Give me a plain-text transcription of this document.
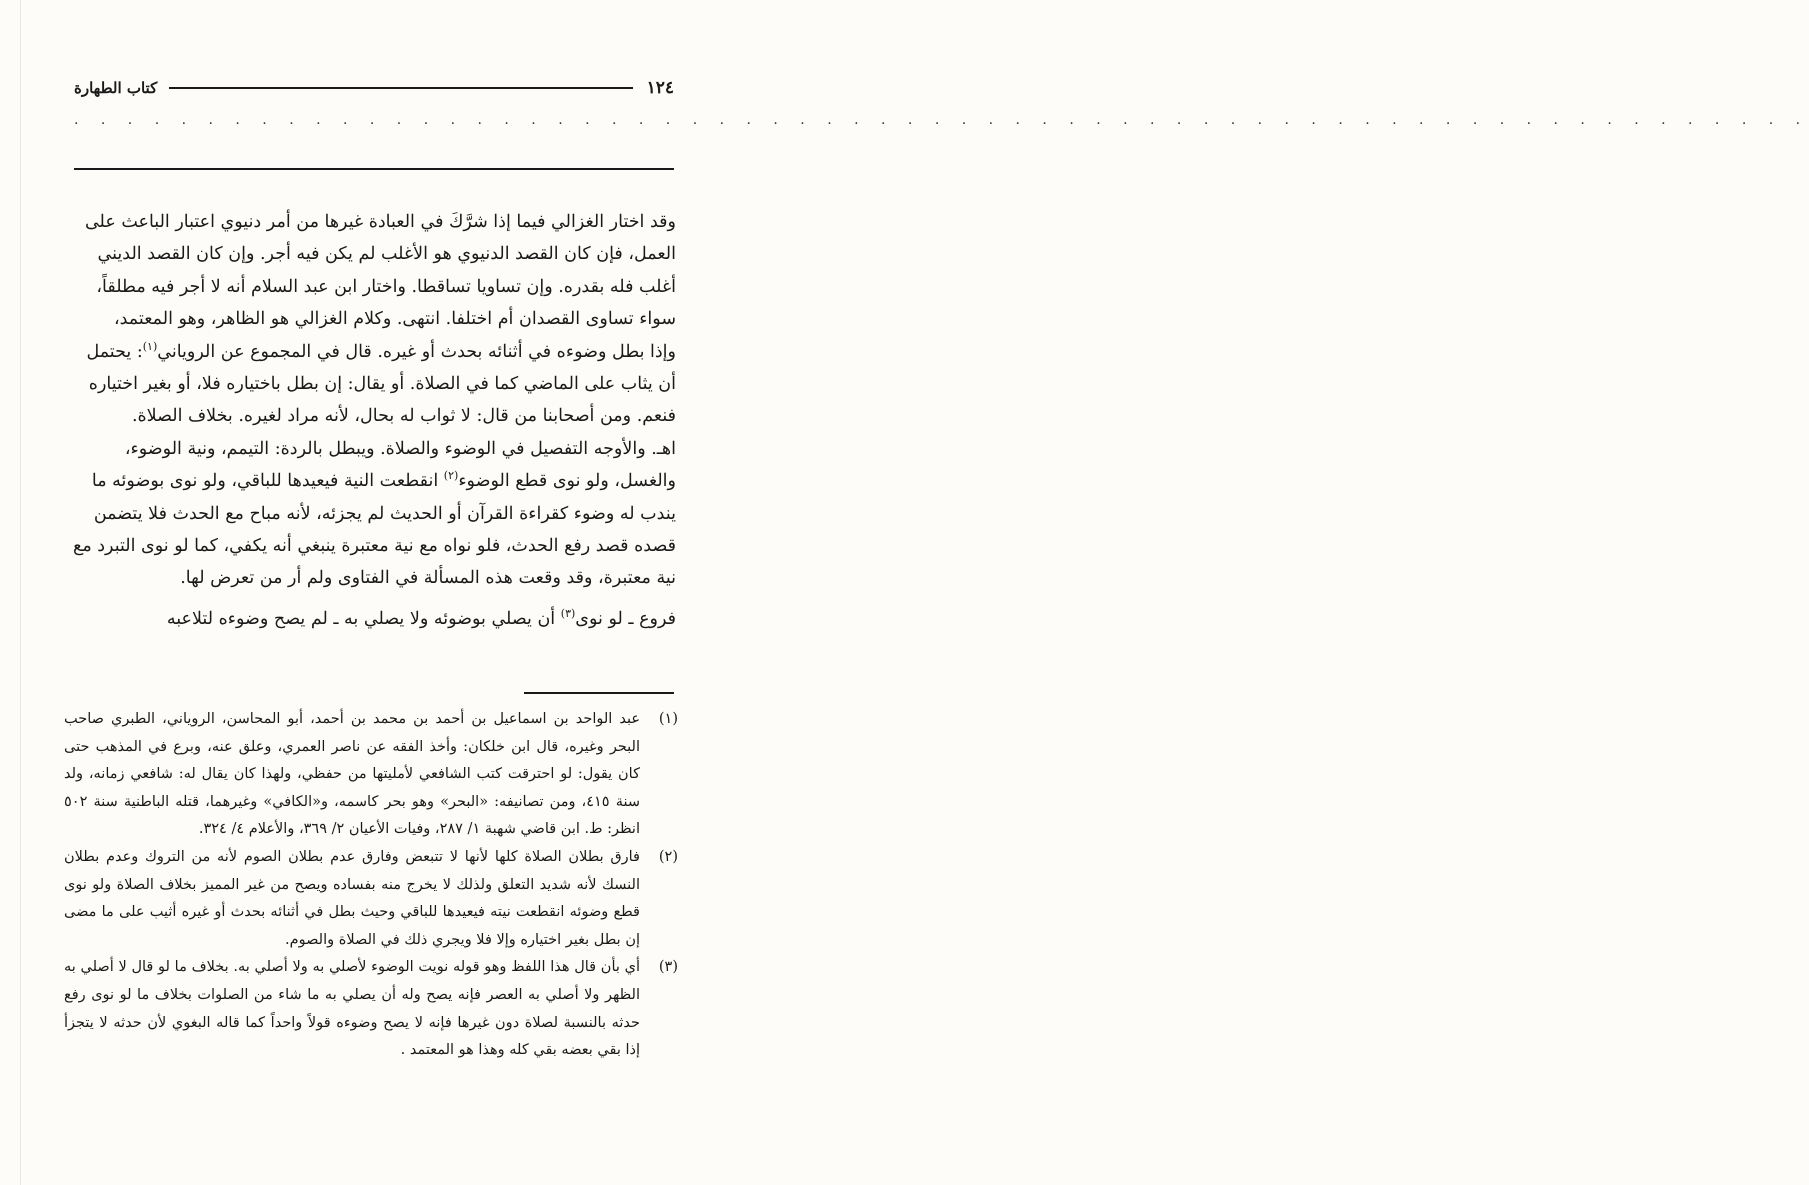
١٢٤
كتاب الطهارة
. . . . . . . . . . . . . . . . . . . . . . . . . . . . . . . . . . . . . . . . . . . . . . . . . . . . . . . . . . . . . . . . .

وقد اختار الغزالي فيما إذا شرَّكَ في العبادة غيرها من أمر دنيوي اعتبار الباعث على

العمل، فإن كان القصد الدنيوي هو الأغلب لم يكن فيه أجر. وإن كان القصد الديني

أغلب فله بقدره. وإن تساويا تساقطا. واختار ابن عبد السلام أنه لا أجر فيه مطلقاً،

سواء تساوى القصدان أم اختلفا. انتهى. وكلام الغزالي هو الظاهر، وهو المعتمد،

وإذا بطل وضوءه في أثنائه بحدث أو غيره. قال في المجموع عن الروياني$^{(١)}$: يحتمل

أن يثاب على الماضي كما في الصلاة. أو يقال: إن بطل باختياره فلا، أو بغير اختياره

فنعم. ومن أصحابنا من قال: لا ثواب له بحال، لأنه مراد لغيره. بخلاف الصلاة.

اهـ. والأوجه التفصيل في الوضوء والصلاة. ويبطل بالردة: التيمم، ونية الوضوء،

والغسل، ولو نوى قطع الوضوء$^{(٢)}$ انقطعت النية فيعيدها للباقي، ولو نوى بوضوئه ما

يندب له وضوء كقراءة القرآن أو الحديث لم يجزئه، لأنه مباح مع الحدث فلا يتضمن

قصده قصد رفع الحدث، فلو نواه مع نية معتبرة ينبغي أنه يكفي، كما لو نوى التبرد مع

نية معتبرة، وقد وقعت هذه المسألة في الفتاوى ولم أر من تعرض لها.

فروع ـ لو نوى$^{(٣)}$ أن يصلي بوضوئه ولا يصلي به ـ لم يصح وضوءه لتلاعبه

(١)
عبد الواحد بن اسماعيل بن أحمد بن محمد بن أحمد، أبو المحاسن، الروياني، الطبري صاحب البحر وغيره، قال ابن خلكان: وأخذ الفقه عن ناصر العمري، وعلق عنه، وبرع في المذهب حتى كان يقول: لو احترقت كتب الشافعي لأمليتها من حفظي، ولهذا كان يقال له: شافعي زمانه، ولد سنة ٤١٥، ومن تصانيفه: «البحر» وهو بحر كاسمه، و«الكافي» وغيرهما، قتله الباطنية سنة ٥٠٢ انظر: ط. ابن قاضي شهبة ١/ ٢٨٧، وفيات الأعيان ٢/ ٣٦٩، والأعلام ٤/ ٣٢٤.
(٢)
فارق بطلان الصلاة كلها لأنها لا تتبعض وفارق عدم بطلان الصوم لأنه من التروك وعدم بطلان النسك لأنه شديد التعلق ولذلك لا يخرج منه بفساده ويصح من غير المميز بخلاف الصلاة ولو نوى قطع وضوئه انقطعت نيته فيعيدها للباقي وحيث بطل في أثنائه بحدث أو غيره أثيب على ما مضى إن بطل بغير اختياره وإلا فلا ويجري ذلك في الصلاة والصوم.
(٣)
أي بأن قال هذا اللفظ وهو قوله نويت الوضوء لأصلي به ولا أصلي به. بخلاف ما لو قال لا أصلي به الظهر ولا أصلي به العصر فإنه يصح وله أن يصلي به ما شاء من الصلوات بخلاف ما لو نوى رفع حدثه بالنسبة لصلاة دون غيرها فإنه لا يصح وضوءه قولاً واحداً كما قاله البغوي لأن حدثه لا يتجزأ إذا بقي بعضه بقي كله وهذا هو المعتمد .
